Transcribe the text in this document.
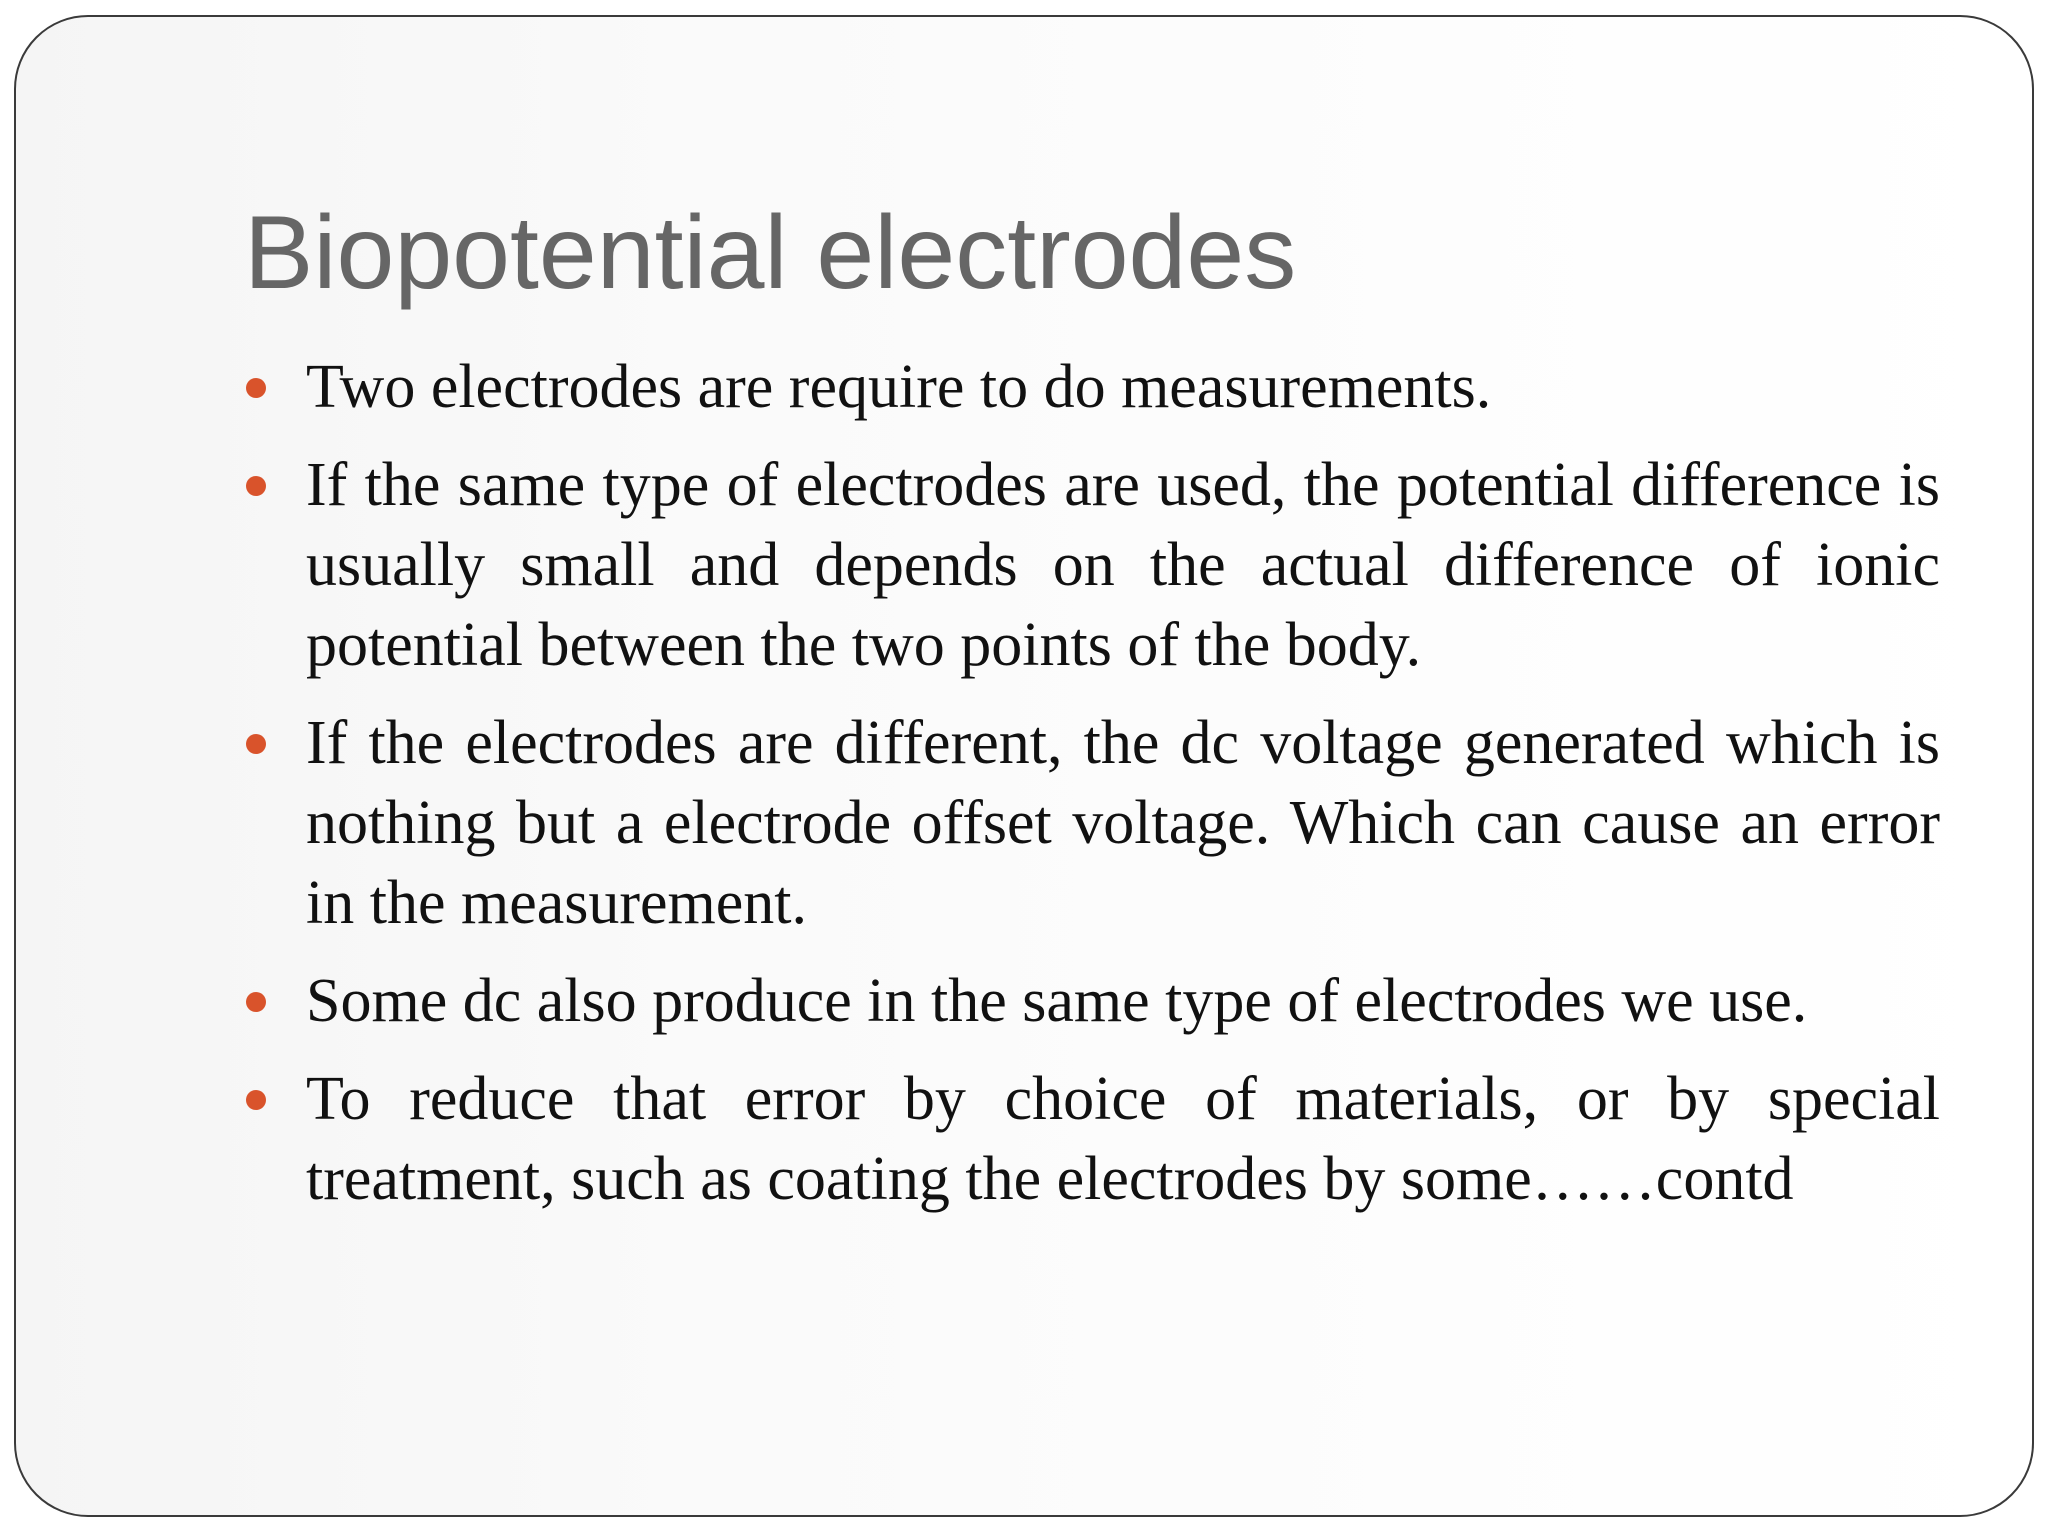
Biopotential electrodes
Two electrodes are require to do measurements.
If the same type of electrodes are used, the potential difference is usually small and depends on the actual difference of ionic potential between the two points of the body.
If the electrodes are different, the dc voltage generated which is nothing but a electrode offset voltage. Which can cause an error in the measurement.
Some dc also produce in the same type of electrodes we use.
To reduce that error by choice of materials, or by special treatment, such as coating the electrodes by some……contd
